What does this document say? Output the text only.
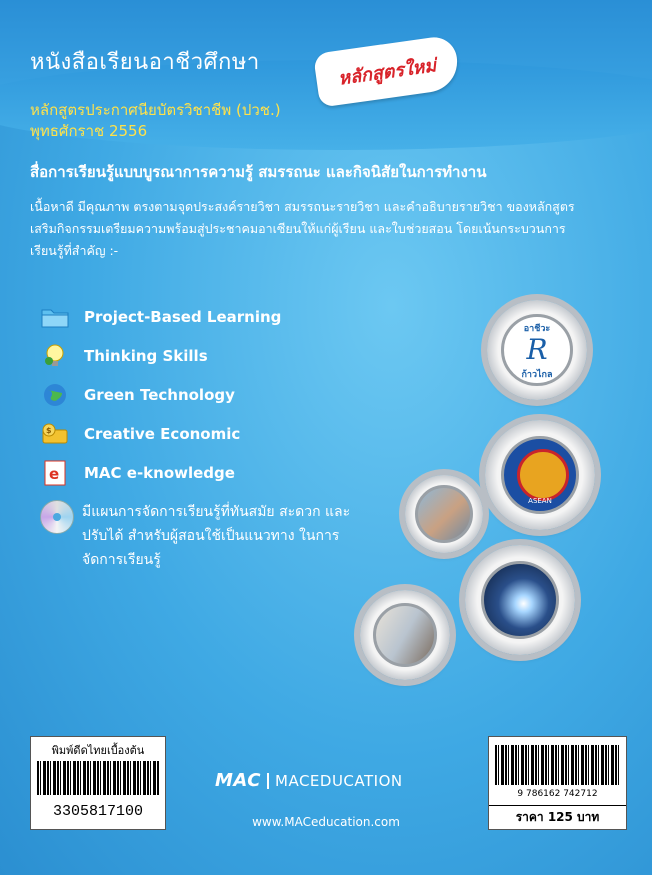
หนังสือเรียนอาชีวศึกษา	หลักสูตรใหม่
หลักสูตรประกาศนียบัตรวิชาชีพ (ปวช.)
พุทธศักราช 2556
สื่อการเรียนรู้แบบบูรณาการความรู้ สมรรถนะ และกิจนิสัยในการทำงาน
เนื้อหาดี มีคุณภาพ ตรงตามจุดประสงค์รายวิชา สมรรถนะรายวิชา และคำอธิบายรายวิชา ของหลักสูตร เสริมกิจกรรมเตรียมความพร้อมสู่ประชาคมอาเซียนให้แก่ผู้เรียน และใบช่วยสอน โดยเน้นกระบวนการเรียนรู้ที่สำคัญ :-
Project-Based Learning
Thinking Skills
Green Technology
$ Creative Economic
e MAC e-knowledge
มีแผนการจัดการเรียนรู้ที่ทันสมัย สะดวก และปรับได้ สำหรับผู้สอนใช้เป็นแนวทาง ในการจัดการเรียนรู้
อาชีวะ
R
ก้าวไกล
ASEAN
พิมพ์ดีดไทยเบื้องต้น
3305817100
9 786162 742712
ราคา 125 บาท
MAC MACEDUCATION
www.MACeducation.com
